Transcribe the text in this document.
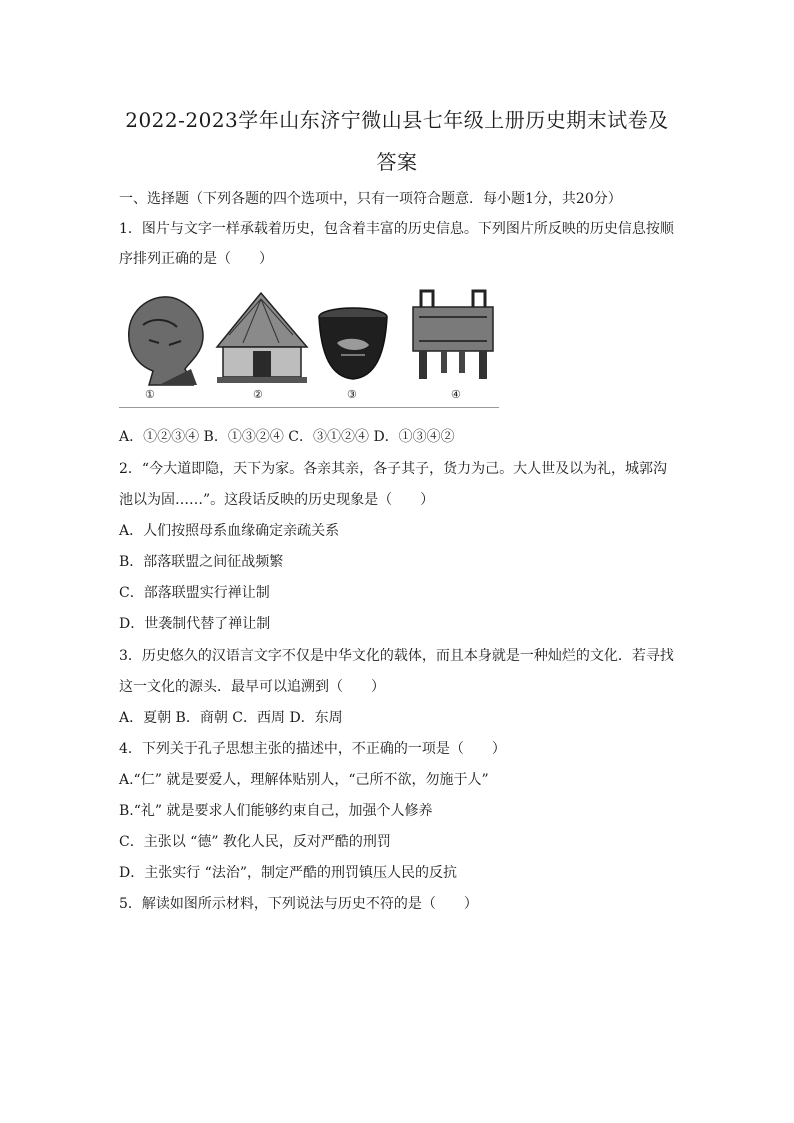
2022-2023学年山东济宁微山县七年级上册历史期末试卷及
答案
一、选择题（下列各题的四个选项中，只有一项符合题意．每小题1分，共20分）
1．图片与文字一样承载着历史，包含着丰富的历史信息。下列图片所反映的历史信息按顺
序排列正确的是（　　）
①	②	③	④
A．①②③④ B．①③②④ C．③①②④ D．①③④②
2．“今大道即隐，天下为家。各亲其亲，各子其子，货力为己。大人世及以为礼，城郭沟
池以为固……”。这段话反映的历史现象是（　　）
A．人们按照母系血缘确定亲疏关系
B．部落联盟之间征战频繁
C．部落联盟实行禅让制
D．世袭制代替了禅让制
3．历史悠久的汉语言文字不仅是中华文化的载体，而且本身就是一种灿烂的文化．若寻找
这一文化的源头．最早可以追溯到（　　）
A．夏朝 B．商朝 C．西周 D．东周
4．下列关于孔子思想主张的描述中，不正确的一项是（　　）
A.“仁” 就是要爱人，理解体贴别人，“己所不欲，勿施于人”
B.“礼” 就是要求人们能够约束自己，加强个人修养
C．主张以 “德” 教化人民，反对严酷的刑罚
D．主张实行 “法治”，制定严酷的刑罚镇压人民的反抗
5．解读如图所示材料，下列说法与历史不符的是（　　）
